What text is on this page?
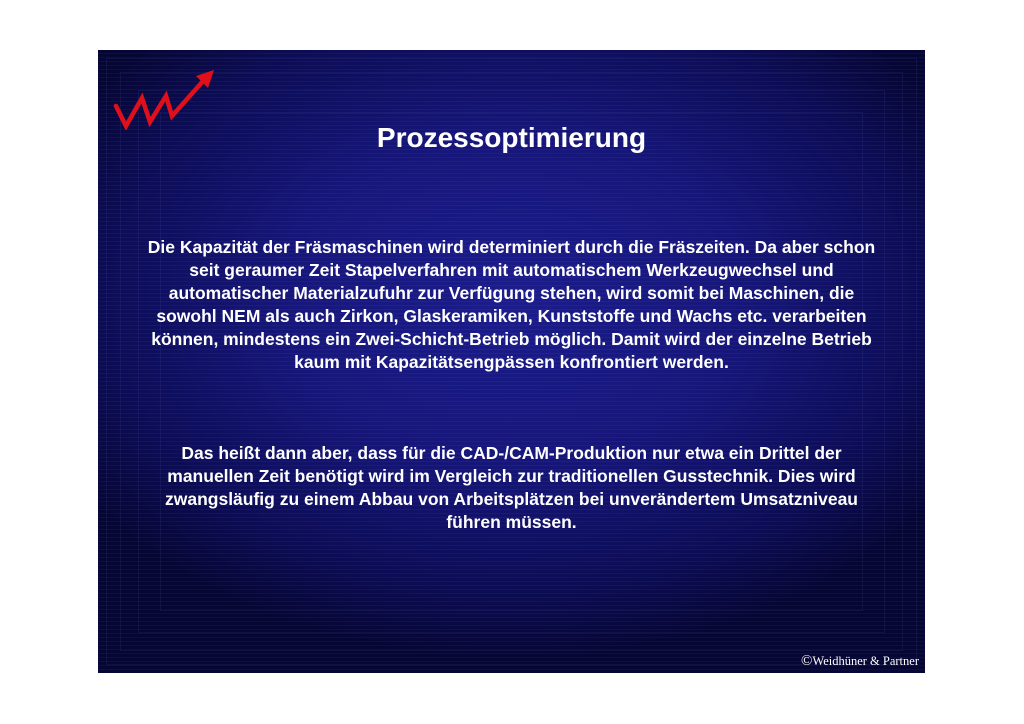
Prozessoptimierung

Die Kapazität der Fräsmaschinen wird determiniert durch die Fräszeiten. Da aber schon seit geraumer Zeit Stapelverfahren mit automatischem Werkzeugwechsel und automatischer Materialzufuhr zur Verfügung stehen, wird somit bei Maschinen, die sowohl NEM als auch Zirkon, Glaskeramiken, Kunststoffe und Wachs etc. verarbeiten können, mindestens ein Zwei-Schicht-Betrieb möglich. Damit wird der einzelne Betrieb kaum mit Kapazitätsengpässen konfrontiert werden.

Das heißt dann aber, dass für die CAD-/CAM-Produktion nur etwa ein Drittel der manuellen Zeit benötigt wird im Vergleich zur traditionellen Gusstechnik. Dies wird zwangsläufig zu einem Abbau von Arbeitsplätzen bei unverändertem Umsatzniveau führen müssen.

©Weidhüner & Partner
